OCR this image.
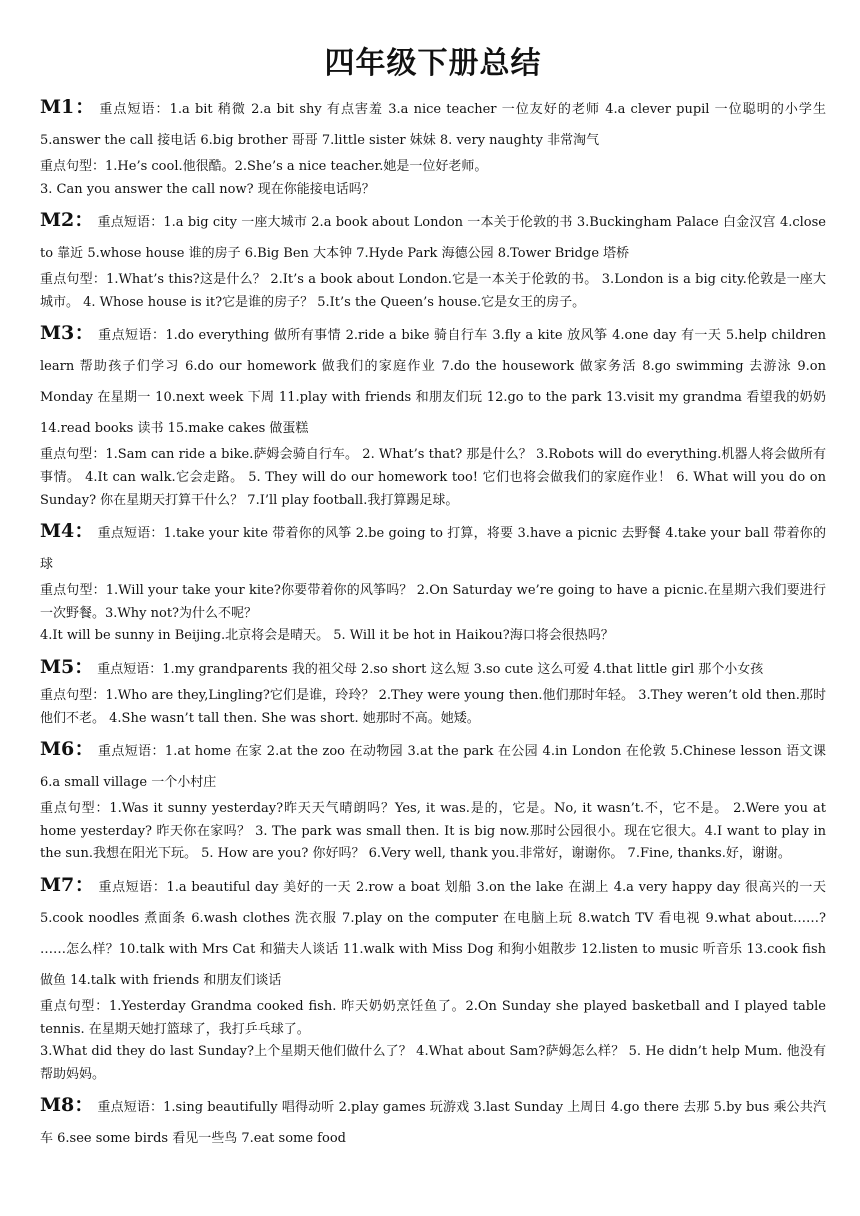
四年级下册总结
M1： 重点短语：1.a bit 稍微 2.a bit shy 有点害羞 3.a nice teacher 一位友好的老师 4.a clever pupil 一位聪明的小学生 5.answer the call 接电话 6.big brother 哥哥 7.little sister 妹妹 8. very naughty 非常淘气
重点句型：1.He’s cool.他很酷。2.She’s a nice teacher.她是一位好老师。
3. Can you answer the call now? 现在你能接电话吗？
M2： 重点短语：1.a big city 一座大城市 2.a book about London 一本关于伦敦的书 3.Buckingham Palace 白金汉宫 4.close to 靠近 5.whose house 谁的房子 6.Big Ben 大本钟 7.Hyde Park 海德公园 8.Tower Bridge 塔桥
重点句型：1.What’s this?这是什么？ 2.It’s a book about London.它是一本关于伦敦的书。 3.London is a big city.伦敦是一座大城市。 4. Whose house is it?它是谁的房子？ 5.It’s the Queen’s house.它是女王的房子。
M3： 重点短语：1.do everything 做所有事情 2.ride a bike 骑自行车 3.fly a kite 放风筝 4.one day 有一天 5.help children learn 帮助孩子们学习 6.do our homework 做我们的家庭作业 7.do the housework 做家务活 8.go swimming 去游泳 9.on Monday 在星期一 10.next week 下周 11.play with friends 和朋友们玩 12.go to the park 13.visit my grandma 看望我的奶奶 14.read books 读书 15.make cakes 做蛋糕
重点句型：1.Sam can ride a bike.萨姆会骑自行车。 2. What’s that? 那是什么？ 3.Robots will do everything.机器人将会做所有事情。 4.It can walk.它会走路。 5. They will do our homework too! 它们也将会做我们的家庭作业！ 6. What will you do on Sunday? 你在星期天打算干什么？ 7.I’ll play football.我打算踢足球。
M4： 重点短语：1.take your kite 带着你的风筝 2.be going to 打算，将要 3.have a picnic 去野餐 4.take your ball 带着你的球
重点句型：1.Will your take your kite?你要带着你的风筝吗？ 2.On Saturday we’re going to have a picnic.在星期六我们要进行一次野餐。3.Why not?为什么不呢？
4.It will be sunny in Beijing.北京将会是晴天。 5. Will it be hot in Haikou?海口将会很热吗？
M5： 重点短语：1.my grandparents 我的祖父母 2.so short 这么短 3.so cute 这么可爱 4.that little girl 那个小女孩
重点句型：1.Who are they,Lingling?它们是谁，玲玲？ 2.They were young then.他们那时年轻。 3.They weren’t old then.那时他们不老。 4.She wasn’t tall then. She was short. 她那时不高。她矮。
M6： 重点短语：1.at home 在家 2.at the zoo 在动物园 3.at the park 在公园 4.in London 在伦敦 5.Chinese lesson 语文课 6.a small village 一个小村庄
重点句型：1.Was it sunny yesterday?昨天天气晴朗吗？Yes, it was.是的，它是。No, it wasn’t.不，它不是。 2.Were you at home yesterday? 昨天你在家吗？ 3. The park was small then. It is big now.那时公园很小。现在它很大。4.I want to play in the sun.我想在阳光下玩。 5. How are you? 你好吗？ 6.Very well, thank you.非常好，谢谢你。 7.Fine, thanks.好，谢谢。
M7： 重点短语：1.a beautiful day 美好的一天 2.row a boat 划船 3.on the lake 在湖上 4.a very happy day 很高兴的一天 5.cook noodles 煮面条 6.wash clothes 洗衣服 7.play on the computer 在电脑上玩 8.watch TV 看电视 9.what about……? ……怎么样？10.talk with Mrs Cat 和猫夫人谈话 11.walk with Miss Dog 和狗小姐散步 12.listen to music 听音乐 13.cook fish 做鱼 14.talk with friends 和朋友们谈话
重点句型：1.Yesterday Grandma cooked fish. 昨天奶奶烹饪鱼了。2.On Sunday she played basketball and I played table tennis. 在星期天她打篮球了，我打乒乓球了。
3.What did they do last Sunday?上个星期天他们做什么了？ 4.What about Sam?萨姆怎么样？ 5. He didn’t help Mum. 他没有帮助妈妈。
M8： 重点短语：1.sing beautifully 唱得动听 2.play games 玩游戏 3.last Sunday 上周日 4.go there 去那 5.by bus 乘公共汽车 6.see some birds 看见一些鸟 7.eat some food
